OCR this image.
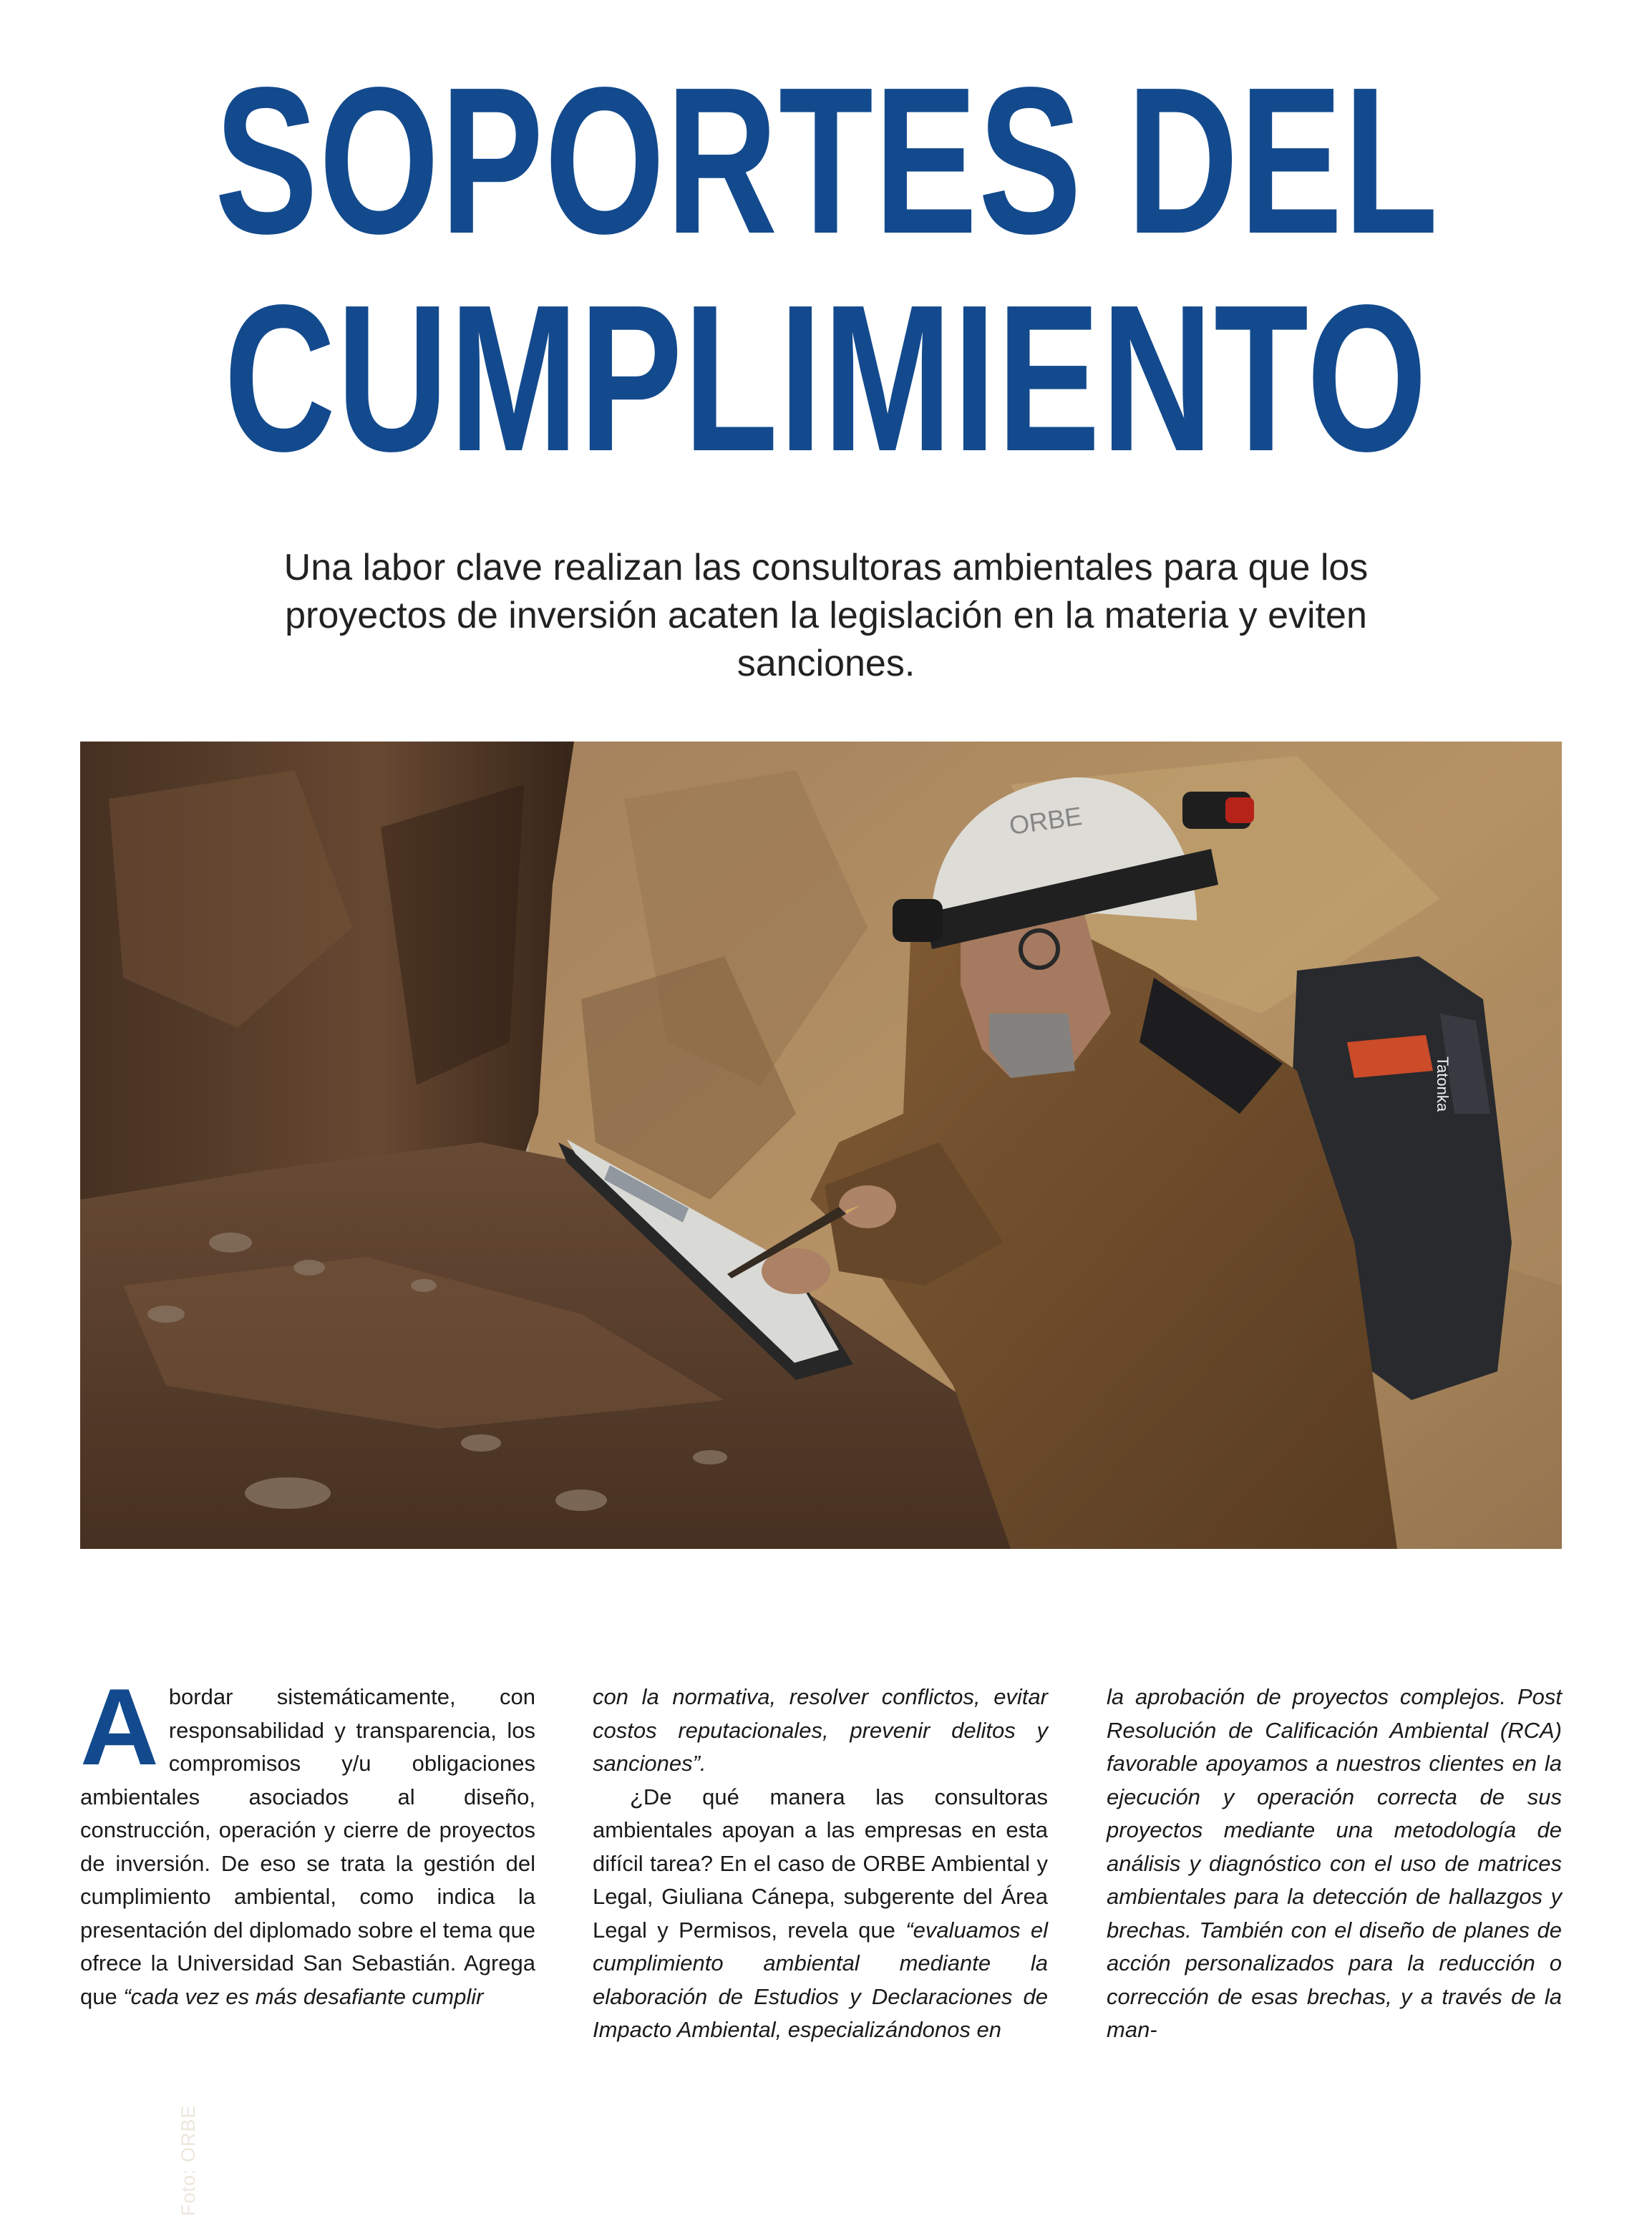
SOPORTES DEL
CUMPLIMIENTO
Una labor clave realizan las consultoras ambientales para que los proyectos de inversión acaten la legislación en la materia y eviten sanciones.
ORBE
Tatonka
Foto: ORBE
A bordar sistemáticamente, con responsabilidad y transparencia, los compromisos y/u obligaciones ambientales asociados al diseño, construcción, operación y cierre de proyectos de inversión. De eso se trata la gestión del cumplimiento ambiental, como indica la presentación del diplomado sobre el tema que ofrece la Universidad San Sebastián. Agrega que “cada vez es más desafiante cumplir

con la normativa, resolver conflictos, evitar costos reputacionales, prevenir delitos y sanciones”.

¿De qué manera las consultoras ambientales apoyan a las empresas en esta difícil tarea? En el caso de ORBE Ambiental y Legal, Giuliana Cánepa, subgerente del Área Legal y Permisos, revela que “evaluamos el cumplimiento ambiental mediante la elaboración de Estudios y Declaraciones de Impacto Ambiental, especializándonos en

la aprobación de proyectos complejos. Post Resolución de Calificación Ambiental (RCA) favorable apoyamos a nuestros clientes en la ejecución y operación correcta de sus proyectos mediante una metodología de análisis y diagnóstico con el uso de matrices ambientales para la detección de hallazgos y brechas. También con el diseño de planes de acción personalizados para la reducción o corrección de esas brechas, y a través de la man-
